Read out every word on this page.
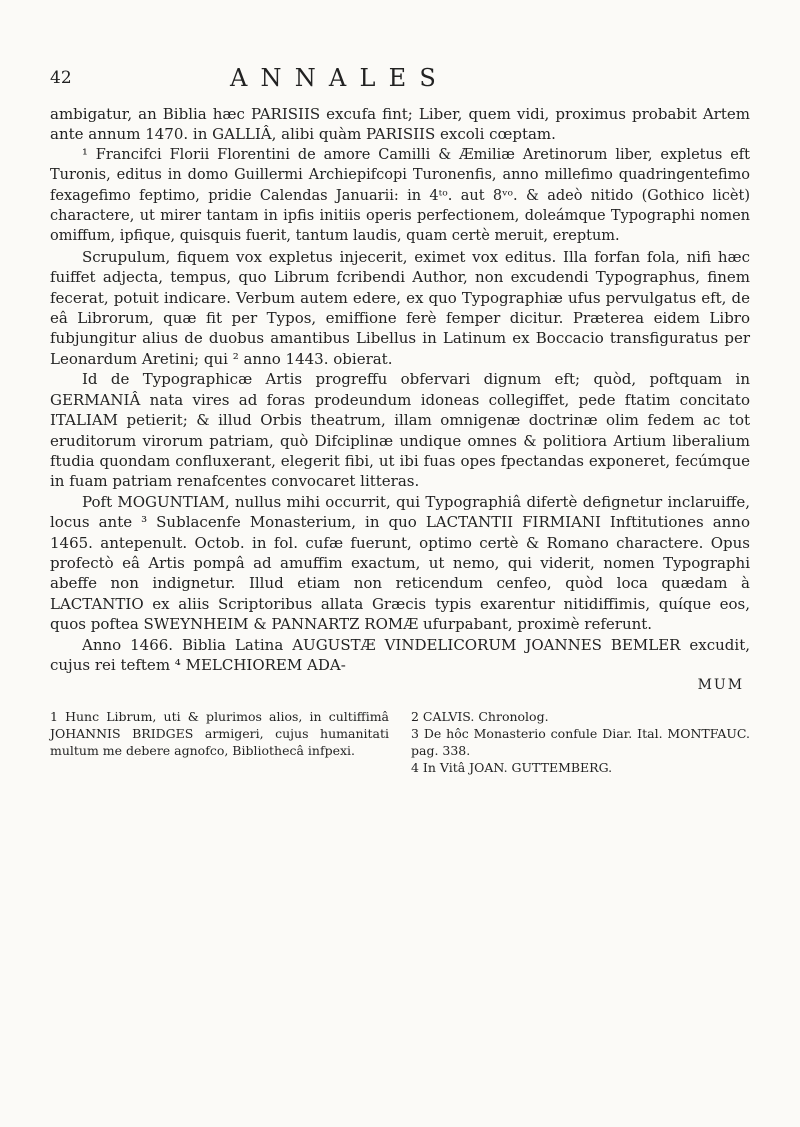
42	ANNALES

ambigatur, an Biblia hæc PARISIIS excufa fint; Liber, quem vidi, proximus probabit Artem ante annum 1470. in GALLIÂ, alibi quàm PARISIIS excoli cœptam.

¹ Francifci Florii Florentini de amore Camilli & Æmiliæ Aretinorum liber, expletus eft Turonis, editus in domo Guillermi Archiepifcopi Turonenfis, anno millefimo quadringentefimo fexagefimo feptimo, pridie Calendas Januarii: in 4ᵗᵒ. aut 8ᵛᵒ. & adeò nitido (Gothico licèt) charactere, ut mirer tantam in ipfis initiis operis perfectionem, doleámque Typographi nomen omiffum, ipfique, quisquis fuerit, tantum laudis, quam certè meruit, ereptum.

Scrupulum, fiquem vox expletus injecerit, eximet vox editus. Illa forfan fola, nifi hæc fuiffet adjecta, tempus, quo Librum fcribendi Author, non excudendi Typographus, finem fecerat, potuit indicare. Verbum autem edere, ex quo Typographiæ ufus pervulgatus eft, de eâ Librorum, quæ fit per Typos, emiffione ferè femper dicitur. Præterea eidem Libro fubjungitur alius de duobus amantibus Libellus in Latinum ex Boccacio transfiguratus per Leonardum Aretini; qui ² anno 1443. obierat.

Id de Typographicæ Artis progreffu obfervari dignum eft; quòd, poftquam in GERMANIÂ nata vires ad foras prodeundum idoneas collegiffet, pede ftatim concitato ITALIAM petierit; & illud Orbis theatrum, illam omnigenæ doctrinæ olim fedem ac tot eruditorum virorum patriam, quò Difciplinæ undique omnes & politiora Artium liberalium ftudia quondam confluxerant, elegerit fibi, ut ibi fuas opes fpectandas exponeret, fecúmque in fuam patriam renafcentes convocaret litteras.

Poft MOGUNTIAM, nullus mihi occurrit, qui Typographiâ difertè defignetur inclaruiffe, locus ante ³ Sublacenfe Monasterium, in quo LACTANTII FIRMIANI Inftitutiones anno 1465. antepenult. Octob. in fol. cufæ fuerunt, optimo certè & Romano charactere. Opus profectò eâ Artis pompâ ad amuffim exactum, ut nemo, qui viderit, nomen Typographi abeffe non indignetur. Illud etiam non reticendum cenfeo, quòd loca quædam à LACTANTIO ex aliis Scriptoribus allata Græcis typis exarentur nitidiffimis, quíque eos, quos poftea SWEYNHEIM & PANNARTZ ROMÆ ufurpabant, proximè referunt.

Anno 1466. Biblia Latina AUGUSTÆ VINDELICORUM JOANNES BEMLER excudit, cujus rei teftem ⁴ MELCHIOREM ADA-

MUM

1 Hunc Librum, uti & plurimos alios, in cultiffimâ JOHANNIS BRIDGES armigeri, cujus humanitati multum me debere agnofco, Bibliothecâ infpexi.

2 CALVIS. Chronolog.

3 De hôc Monasterio confule Diar. Ital. MONTFAUC. pag. 338.

4 In Vitâ JOAN. GUTTEMBERG.
